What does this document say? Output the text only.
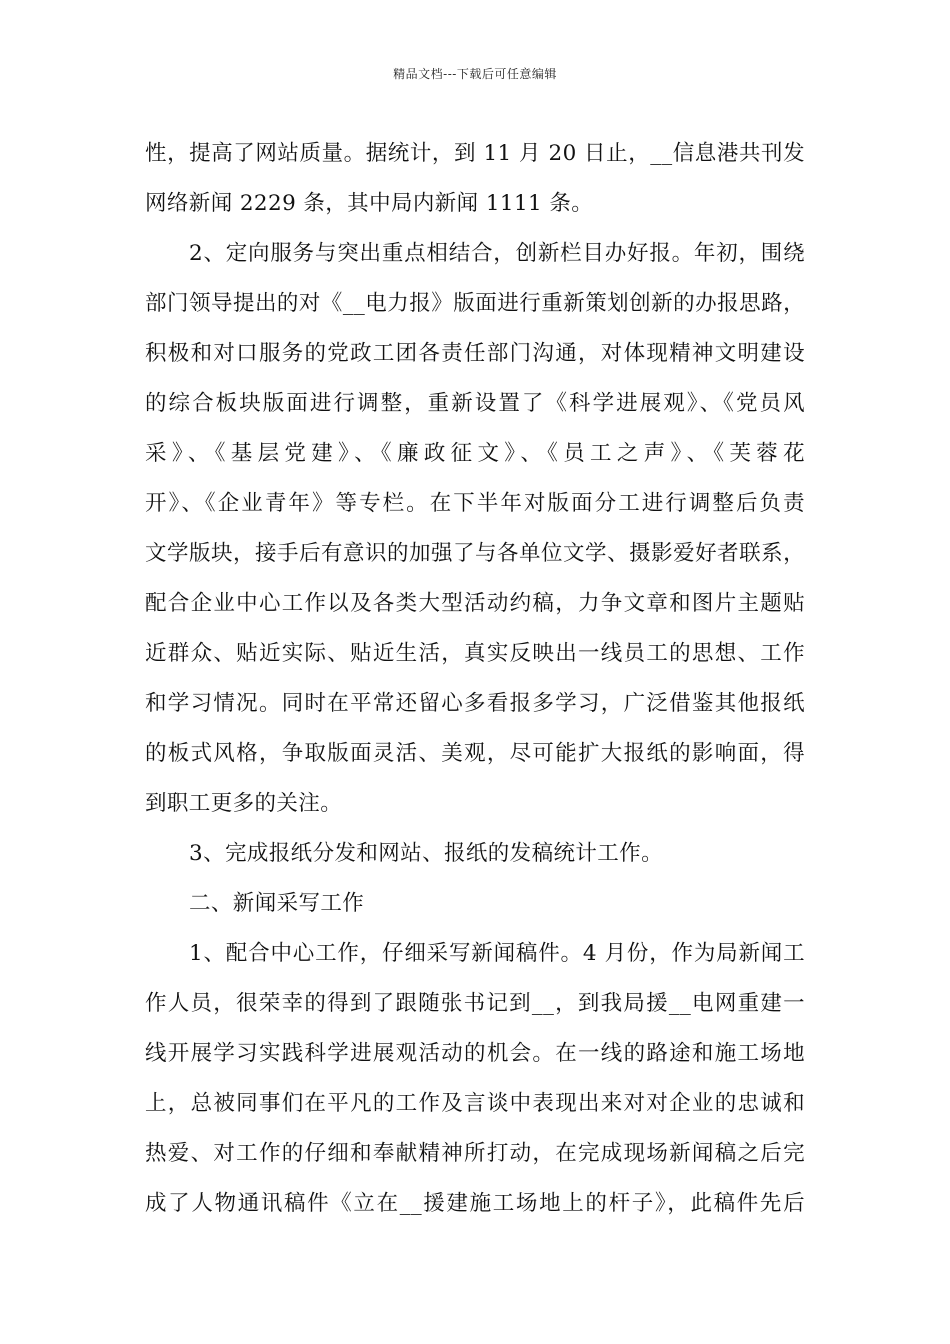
精品文档---下载后可任意编辑
性，提高了网站质量。据统计，到 11 月 20 日止，__信息港共刊发
网络新闻 2229 条，其中局内新闻 1111 条。
2、定向服务与突出重点相结合，创新栏目办好报。年初，围绕
部门领导提出的对《__电力报》版面进行重新策划创新的办报思路，
积极和对口服务的党政工团各责任部门沟通，对体现精神文明建设
的综合板块版面进行调整，重新设置了《科学进展观》、《党员风
采》、《基层党建》、《廉政征文》、《员工之声》、《芙蓉花
开》、《企业青年》等专栏。在下半年对版面分工进行调整后负责
文学版块，接手后有意识的加强了与各单位文学、摄影爱好者联系，
配合企业中心工作以及各类大型活动约稿，力争文章和图片主题贴
近群众、贴近实际、贴近生活，真实反映出一线员工的思想、工作
和学习情况。同时在平常还留心多看报多学习，广泛借鉴其他报纸
的板式风格，争取版面灵活、美观，尽可能扩大报纸的影响面，得
到职工更多的关注。
3、完成报纸分发和网站、报纸的发稿统计工作。
二、新闻采写工作
1、配合中心工作，仔细采写新闻稿件。4 月份，作为局新闻工
作人员，很荣幸的得到了跟随张书记到__，到我局援__电网重建一
线开展学习实践科学进展观活动的机会。在一线的路途和施工场地
上，总被同事们在平凡的工作及言谈中表现出来对对企业的忠诚和
热爱、对工作的仔细和奉献精神所打动，在完成现场新闻稿之后完
成了人物通讯稿件《立在__援建施工场地上的杆子》，此稿件先后
